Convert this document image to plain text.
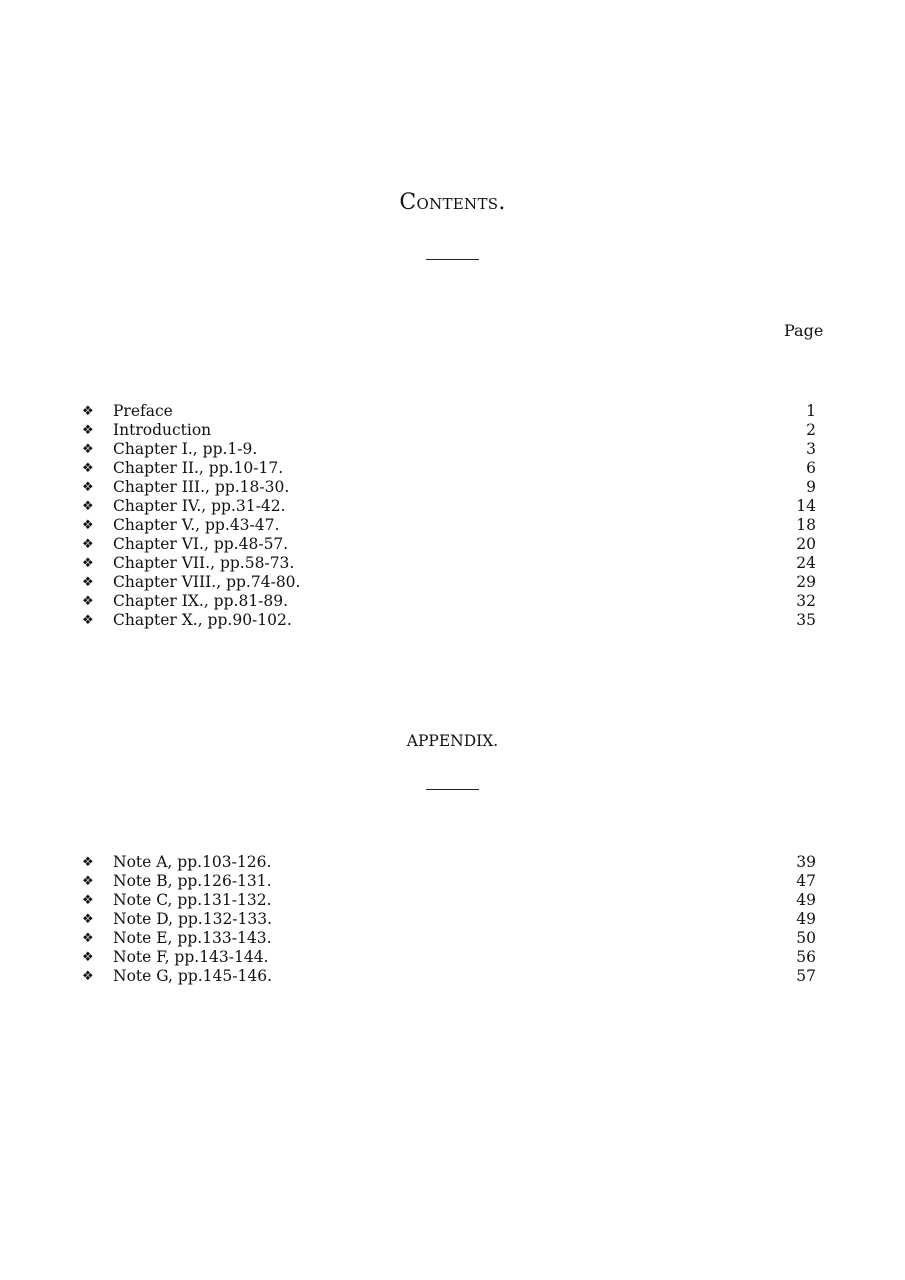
Contents.
Page
❖ Preface	1
❖ Introduction	2
❖ Chapter I., pp.1-9.	3
❖ Chapter II., pp.10-17.	6
❖ Chapter III., pp.18-30.	9
❖ Chapter IV., pp.31-42.	14
❖ Chapter V., pp.43-47.	18
❖ Chapter VI., pp.48-57.	20
❖ Chapter VII., pp.58-73.	24
❖ Chapter VIII., pp.74-80.	29
❖ Chapter IX., pp.81-89.	32
❖ Chapter X., pp.90-102.	35
APPENDIX.
❖ Note A, pp.103-126.	39
❖ Note B, pp.126-131.	47
❖ Note C, pp.131-132.	49
❖ Note D, pp.132-133.	49
❖ Note E, pp.133-143.	50
❖ Note F, pp.143-144.	56
❖ Note G, pp.145-146.	57
